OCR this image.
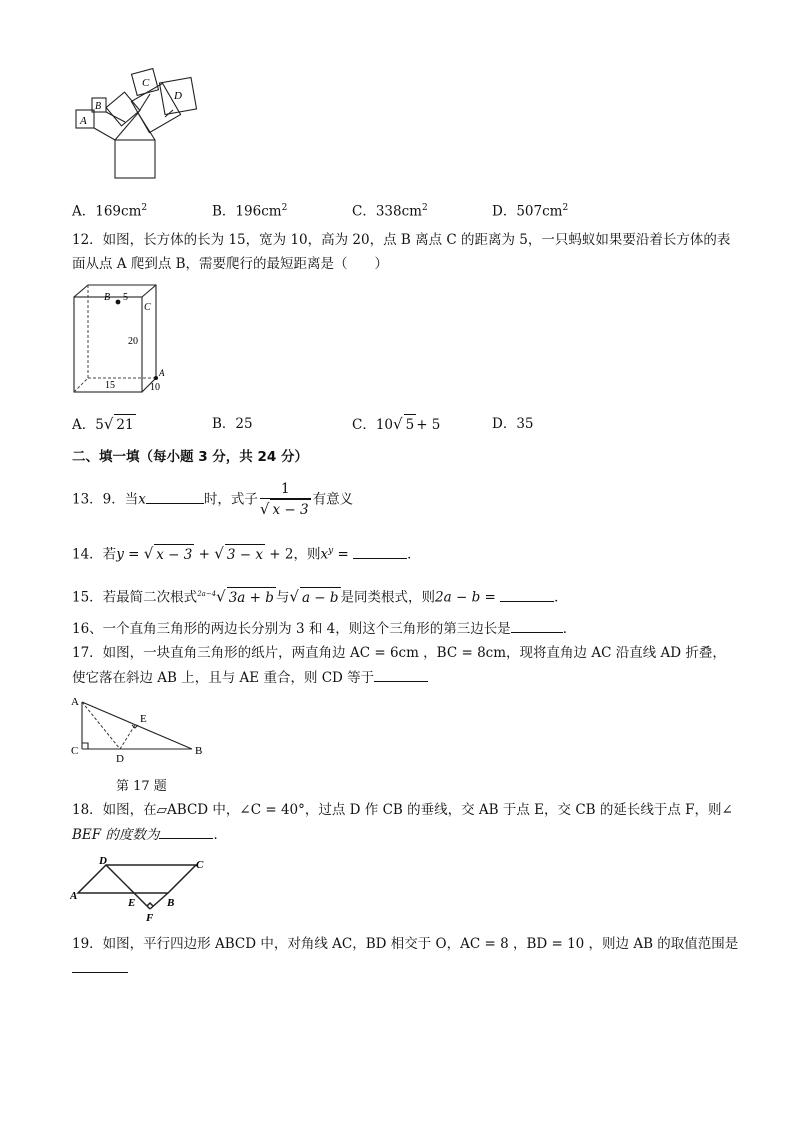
A
B
C
D
A．$169cm^2$	B．$196cm^2$	C．$338cm^2$	D．$507cm^2$
12．如图，长方体的长为 15，宽为 10，高为 20，点 B 离点 C 的距离为 5，一只蚂蚁如果要沿着长方体的表
面从点 A 爬到点 B，需要爬行的最短距离是（　　）
B 5
C
20
A
15	10
A．5√ 21	B．25	C．10√ 5 + 5	D．35
二、填一填（每小题 3 分，共 24 分）
13．9．当x	时，式子 $\frac{1}{√ x - 3}$ 有意义
14．若y = √ x − 3 + √ 3 − x + 2，则$x^y$ =	．
15．若最简二次根式$^{2a-4}$√ 3a + b 与√ a − b 是同类根式，则2a − b =	．
16、一个直角三角形的两边长分别为 3 和 4，则这个三角形的第三边长是	．
17．如图，一块直角三角形的纸片，两直角边 AC = 6cm ，BC = 8cm，现将直角边 AC 沿直线 AD 折叠，
使它落在斜边 AB 上，且与 AE 重合，则 CD 等于
A
C
D
E
B
第 17 题
18．如图，在▱ABCD 中，∠C = 40°，过点 D 作 CB 的垂线，交 AB 于点 E，交 CB 的延长线于点 F，则∠
BEF 的度数为	．
D	C
A
E	B
F
19．如图，平行四边形 ABCD 中，对角线 AC，BD 相交于 O，AC = 8 ，BD = 10 ，则边 AB 的取值范围是
